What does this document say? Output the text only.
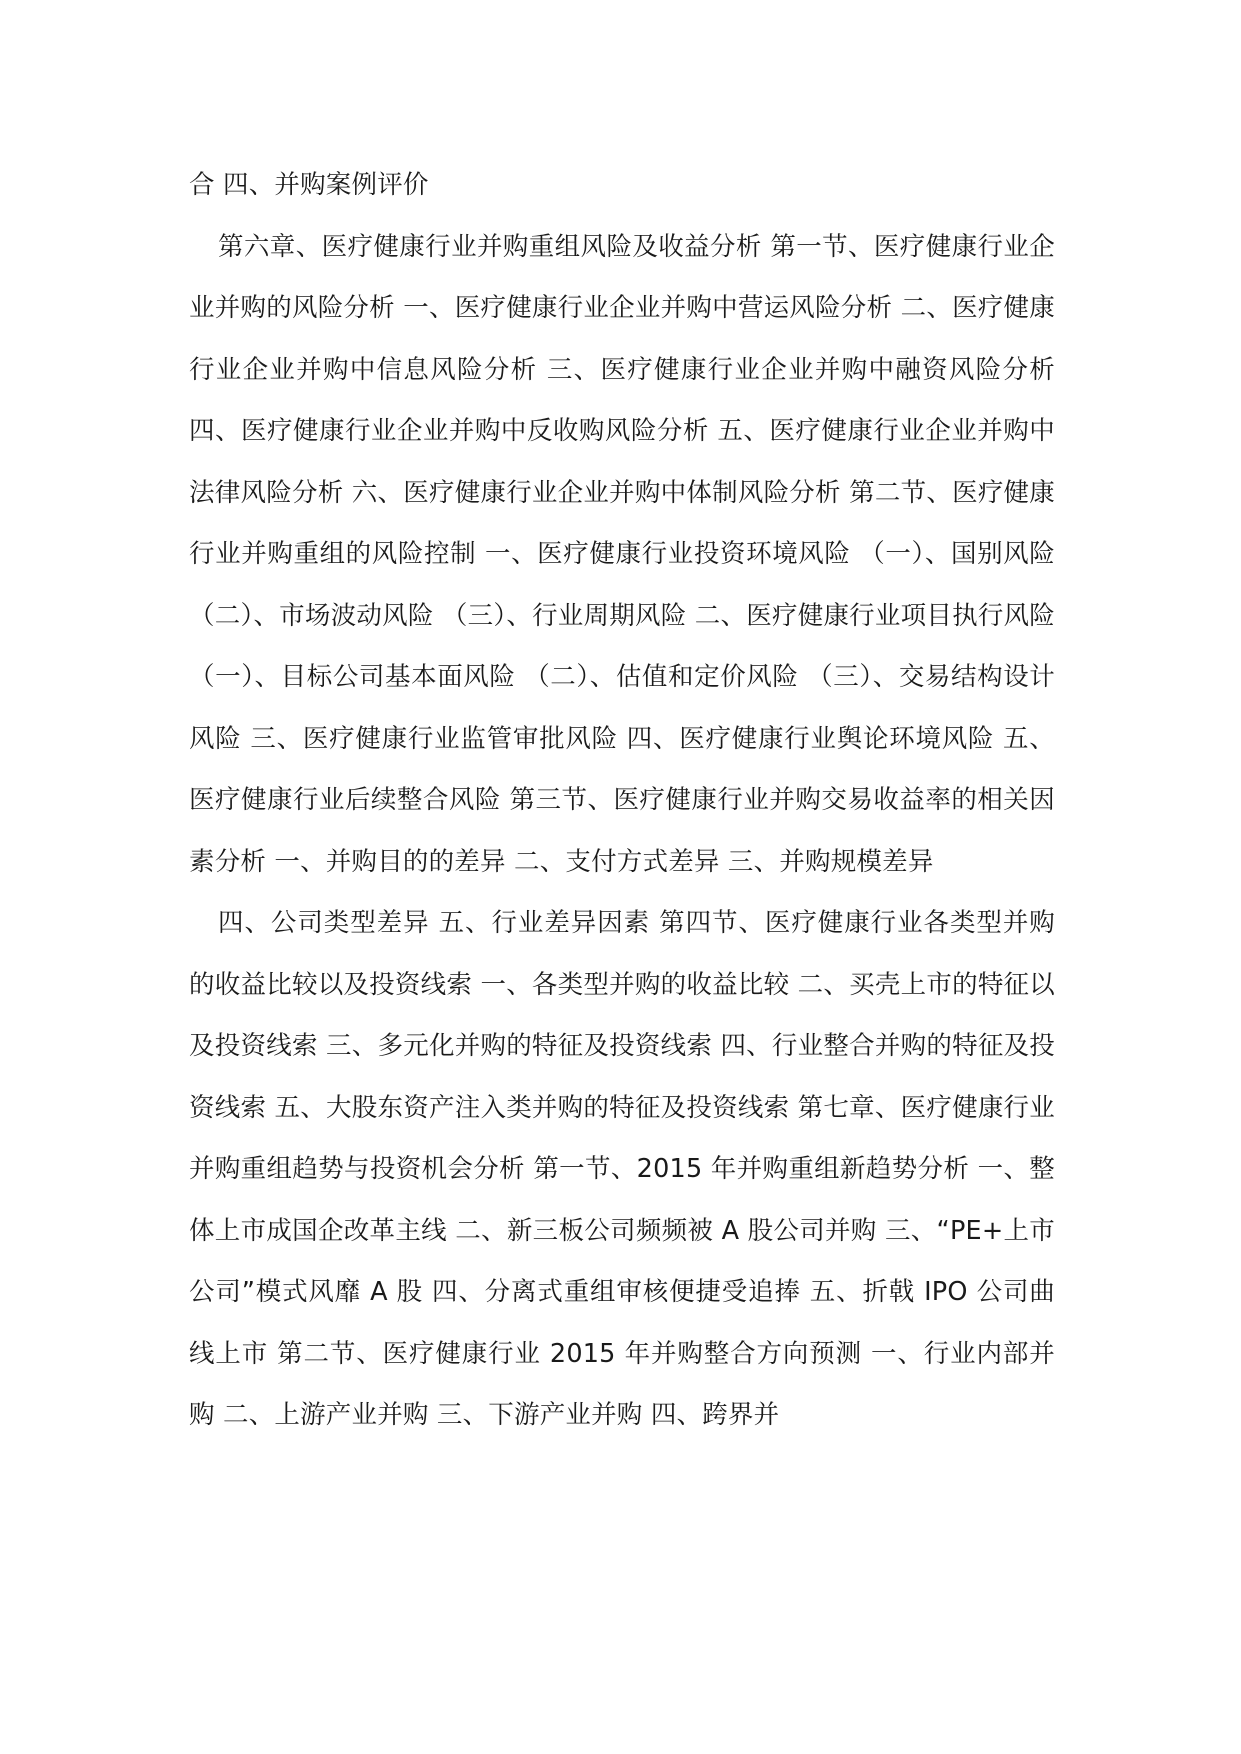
合 四、并购案例评价

第六章、医疗健康行业并购重组风险及收益分析 第一节、医疗健康行业企业并购的风险分析 一、医疗健康行业企业并购中营运风险分析 二、医疗健康行业企业并购中信息风险分析 三、医疗健康行业企业并购中融资风险分析 四、医疗健康行业企业并购中反收购风险分析 五、医疗健康行业企业并购中法律风险分析 六、医疗健康行业企业并购中体制风险分析 第二节、医疗健康行业并购重组的风险控制 一、医疗健康行业投资环境风险 （一）、国别风险 （二）、市场波动风险 （三）、行业周期风险 二、医疗健康行业项目执行风险 （一）、目标公司基本面风险 （二）、估值和定价风险 （三）、交易结构设计风险 三、医疗健康行业监管审批风险 四、医疗健康行业舆论环境风险 五、医疗健康行业后续整合风险 第三节、医疗健康行业并购交易收益率的相关因素分析 一、并购目的的差异 二、支付方式差异 三、并购规模差异

四、公司类型差异 五、行业差异因素 第四节、医疗健康行业各类型并购的收益比较以及投资线索 一、各类型并购的收益比较 二、买壳上市的特征以及投资线索 三、多元化并购的特征及投资线索 四、行业整合并购的特征及投资线索 五、大股东资产注入类并购的特征及投资线索 第七章、医疗健康行业并购重组趋势与投资机会分析 第一节、2015 年并购重组新趋势分析 一、整体上市成国企改革主线 二、新三板公司频频被 A 股公司并购 三、“PE+上市公司”模式风靡 A 股 四、分离式重组审核便捷受追捧 五、折戟 IPO 公司曲线上市 第二节、医疗健康行业 2015 年并购整合方向预测 一、行业内部并购 二、上游产业并购 三、下游产业并购 四、跨界并
